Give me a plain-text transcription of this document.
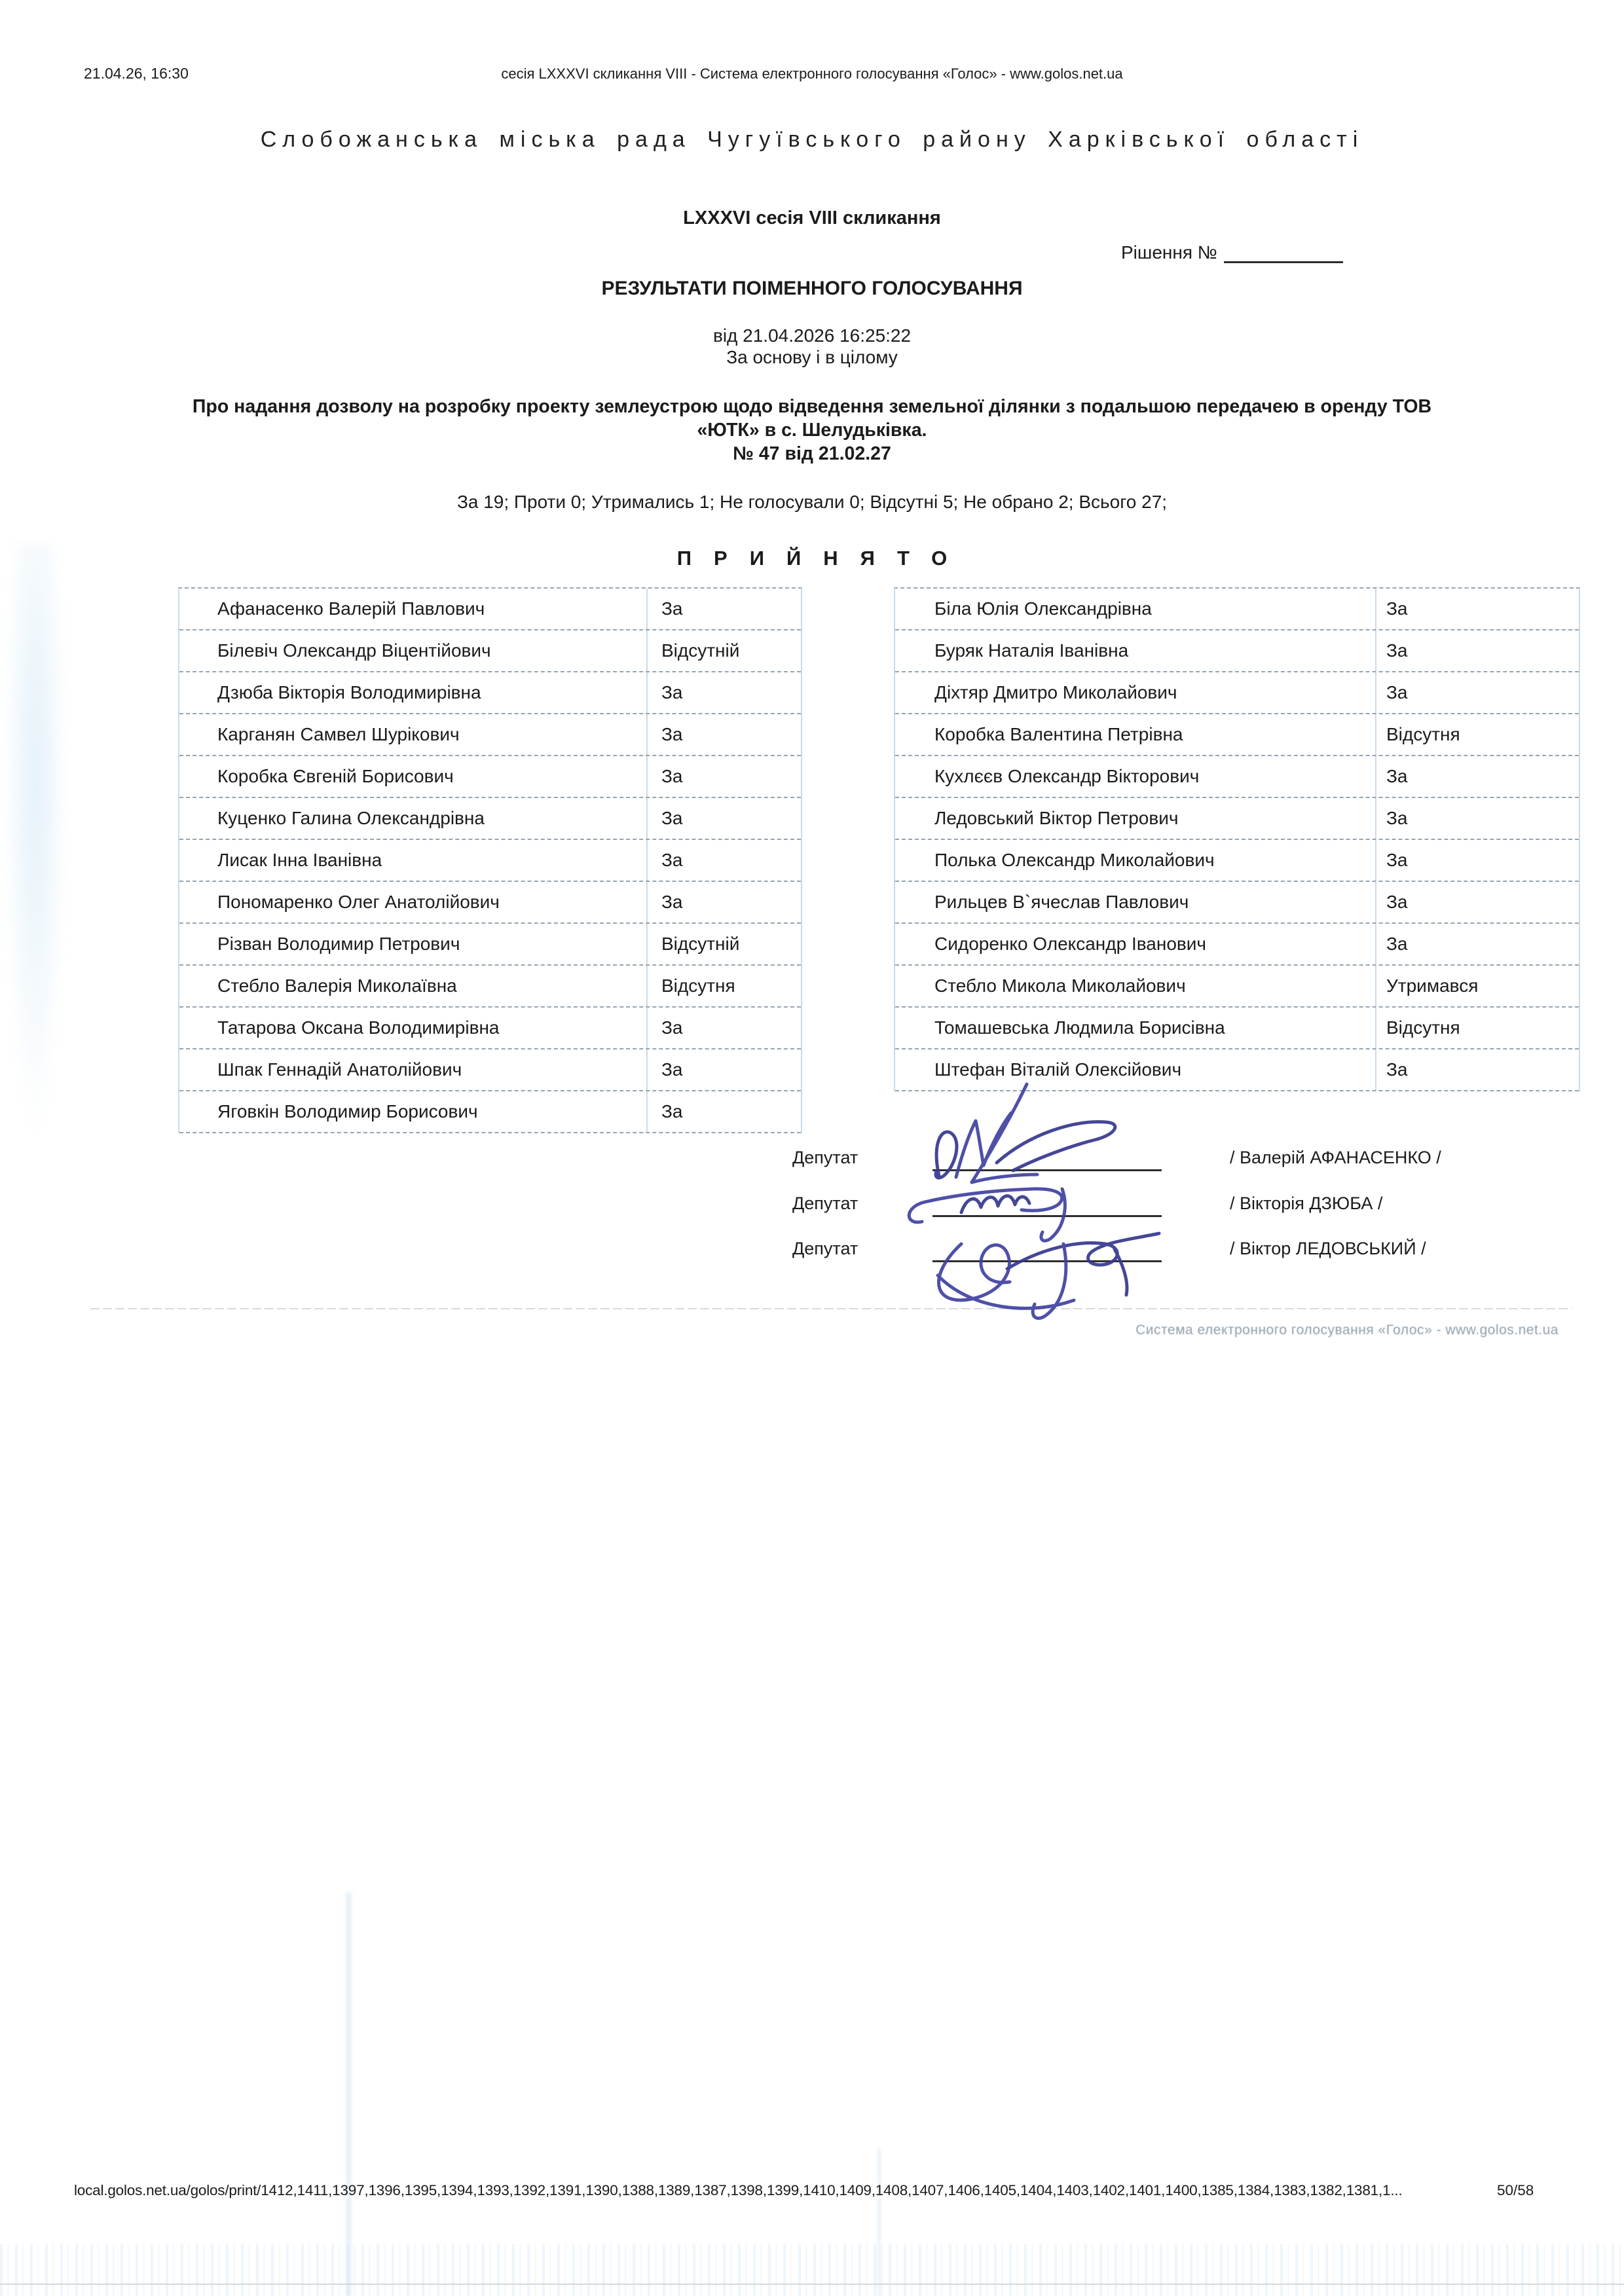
21.04.26, 16:30	сесія LXXXVI скликання VIII - Система електронного голосування «Голос» - www.golos.net.ua
Слобожанська міська рада Чугуївського району Харківської області
LXXXVI сесія VIII скликання
Рішення №
РЕЗУЛЬТАТИ ПОІМЕННОГО ГОЛОСУВАННЯ
від 21.04.2026 16:25:22
За основу і в цілому
Про надання дозволу на розробку проекту землеустрою щодо відведення земельної ділянки з подальшою передачею в оренду ТОВ
«ЮТК» в с. Шелудьківка.
№ 47 від 21.02.27
За 19; Проти 0; Утримались 1; Не голосували 0; Відсутні 5; Не обрано 2; Всього 27;
ПРИЙНЯТО
Афанасенко Валерій Павлович	За
Білевіч Олександр Віцентійович	Відсутній
Дзюба Вікторія Володимирівна	За
Карганян Самвел Шурікович	За
Коробка Євгеній Борисович	За
Куценко Галина Олександрівна	За
Лисак Інна Іванівна	За
Пономаренко Олег Анатолійович	За
Різван Володимир Петрович	Відсутній
Стебло Валерія Миколаївна	Відсутня
Татарова Оксана Володимирівна	За
Шпак Геннадій Анатолійович	За
Яговкін Володимир Борисович	За
Біла Юлія Олександрівна	За
Буряк Наталія Іванівна	За
Діхтяр Дмитро Миколайович	За
Коробка Валентина Петрівна	Відсутня
Кухлєєв Олександр Вікторович	За
Ледовський Віктор Петрович	За
Полька Олександр Миколайович	За
Рильцев В`ячеслав Павлович	За
Сидоренко Олександр Іванович	За
Стебло Микола Миколайович	Утримався
Томашевська Людмила Борисівна	Відсутня
Штефан Віталій Олексійович	За
Депутат	/ Валерій АФАНАСЕНКО /
Депутат	/ Вікторія ДЗЮБА /
Депутат	/ Віктор ЛЕДОВСЬКИЙ /
Система електронного голосування «Голос» - www.golos.net.ua
local.golos.net.ua/golos/print/1412,1411,1397,1396,1395,1394,1393,1392,1391,1390,1388,1389,1387,1398,1399,1410,1409,1408,1407,1406,1405,1404,1403,1402,1401,1400,1385,1384,1383,1382,1381,1...	50/58
